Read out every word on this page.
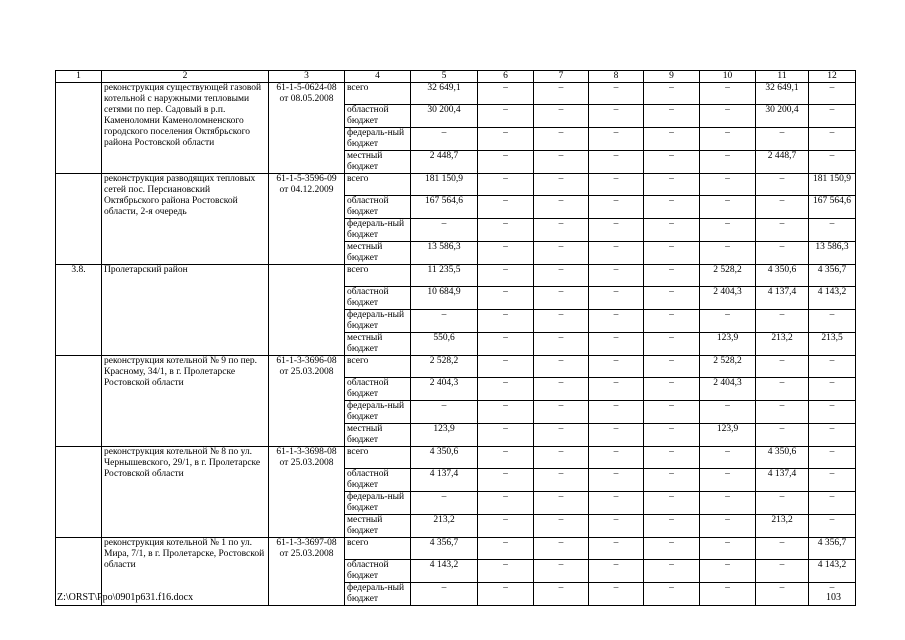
1	2	3	4	5	6	7	8	9	10	11	12
	реконструкция существующей газовой котельной с наружными тепловыми сетями по пер. Садовый в р.п. Каменоломни Каменоломненского городского поселения Октябрьского района Ростовской области	61-1-5-0624-08 от 08.05.2008	всего	32 649,1	–	–	–	–	–	32 649,1	–
			областной бюджет	30 200,4	–	–	–	–	–	30 200,4	–
			федераль-ный бюджет	–	–	–	–	–	–	–	–
			местный бюджет	2 448,7	–	–	–	–	–	2 448,7	–
	реконструкция разводящих тепловых сетей пос. Персиановский Октябрьского района Ростовской области, 2-я очередь	61-1-5-3596-09 от 04.12.2009	всего	181 150,9	–	–	–	–	–	–	181 150,9
			областной бюджет	167 564,6	–	–	–	–	–	–	167 564,6
			федераль-ный бюджет	–	–	–	–	–	–	–	–
			местный бюджет	13 586,3	–	–	–	–	–	–	13 586,3
3.8.	Пролетарский район		всего	11 235,5	–	–	–	–	2 528,2	4 350,6	4 356,7
			областной бюджет	10 684,9	–	–	–	–	2 404,3	4 137,4	4 143,2
			федераль-ный бюджет	–	–	–	–	–	–	–	–
			местный бюджет	550,6	–	–	–	–	123,9	213,2	213,5
	реконструкция котельной № 9 по пер. Красному, 34/1, в г. Пролетарске Ростовской области	61-1-3-3696-08 от 25.03.2008	всего	2 528,2	–	–	–	–	2 528,2	–	–
			областной бюджет	2 404,3	–	–	–	–	2 404,3	–	–
			федераль-ный бюджет	–	–	–	–	–	–	–	–
			местный бюджет	123,9	–	–	–	–	123,9	–	–
	реконструкция котельной № 8 по ул. Чернышевского, 29/1, в г. Пролетарске Ростовской области	61-1-3-3698-08 от 25.03.2008	всего	4 350,6	–	–	–	–	–	4 350,6	–
			областной бюджет	4 137,4	–	–	–	–	–	4 137,4	–
			федераль-ный бюджет	–	–	–	–	–	–	–	–
			местный бюджет	213,2	–	–	–	–	–	213,2	–
	реконструкция котельной № 1 по ул. Мира, 7/1, в г. Пролетарске, Ростовской области	61-1-3-3697-08 от 25.03.2008	всего	4 356,7	–	–	–	–	–	–	4 356,7
			областной бюджет	4 143,2	–	–	–	–	–	–	4 143,2
			федераль-ный бюджет	–	–	–	–	–	–	–	–
Z:\ORST\Ppo\0901p631.f16.docx	103
